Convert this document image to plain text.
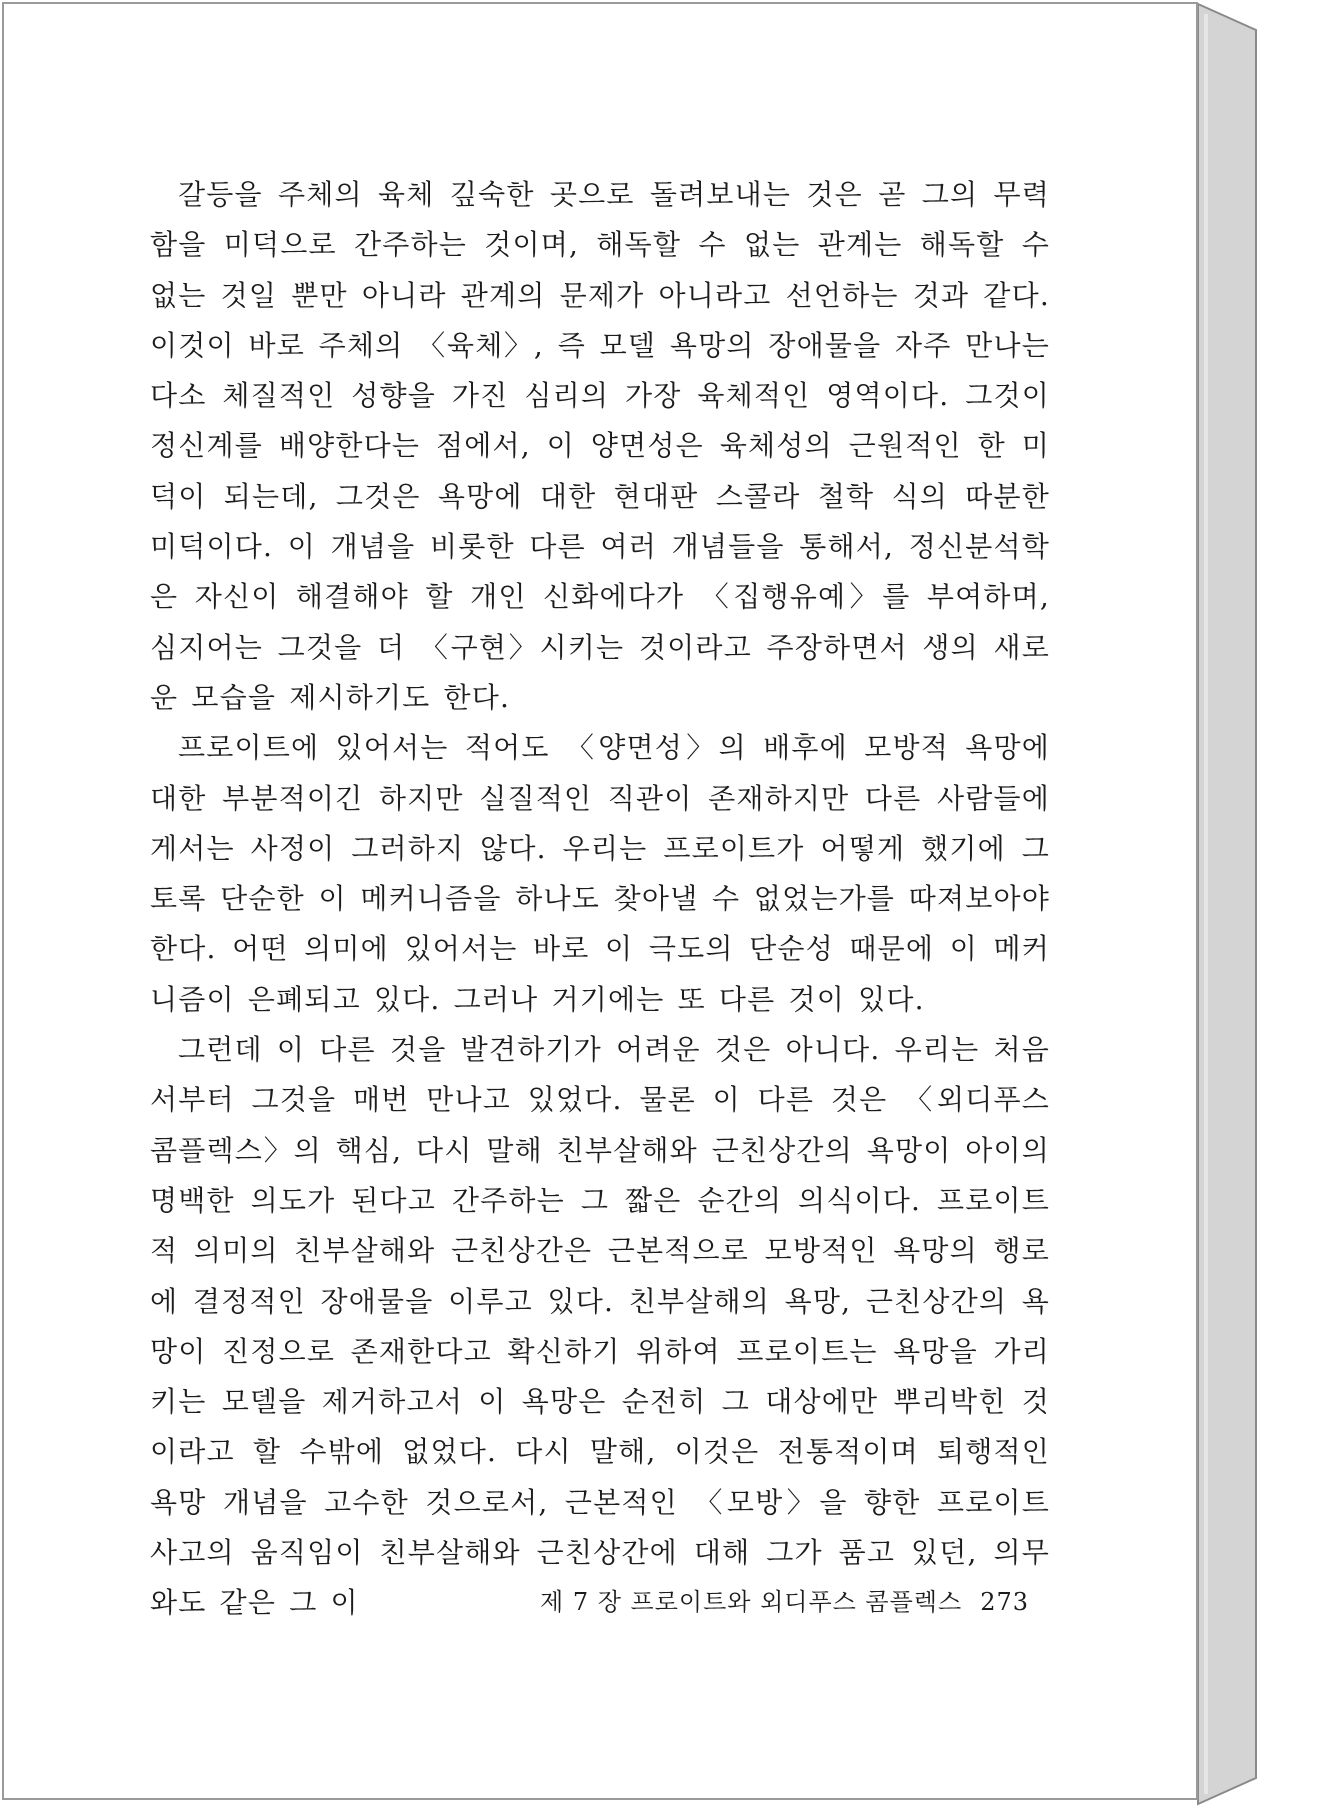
갈등을 주체의 육체 깊숙한 곳으로 돌려보내는 것은 곧 그의 무력함을 미덕으로 간주하는 것이며, 해독할 수 없는 관계는 해독할 수 없는 것일 뿐만 아니라 관계의 문제가 아니라고 선언하는 것과 같다. 이것이 바로 주체의 〈육체〉, 즉 모델 욕망의 장애물을 자주 만나는 다소 체질적인 성향을 가진 심리의 가장 육체적인 영역이다. 그것이 정신계를 배양한다는 점에서, 이 양면성은 육체성의 근원적인 한 미덕이 되는데, 그것은 욕망에 대한 현대판 스콜라 철학 식의 따분한 미덕이다. 이 개념을 비롯한 다른 여러 개념들을 통해서, 정신분석학은 자신이 해결해야 할 개인 신화에다가 〈집행유예〉를 부여하며, 심지어는 그것을 더 〈구현〉시키는 것이라고 주장하면서 생의 새로운 모습을 제시하기도 한다.

프로이트에 있어서는 적어도 〈양면성〉의 배후에 모방적 욕망에 대한 부분적이긴 하지만 실질적인 직관이 존재하지만 다른 사람들에게서는 사정이 그러하지 않다. 우리는 프로이트가 어떻게 했기에 그토록 단순한 이 메커니즘을 하나도 찾아낼 수 없었는가를 따져보아야 한다. 어떤 의미에 있어서는 바로 이 극도의 단순성 때문에 이 메커니즘이 은폐되고 있다. 그러나 거기에는 또 다른 것이 있다.

그런데 이 다른 것을 발견하기가 어려운 것은 아니다. 우리는 처음서부터 그것을 매번 만나고 있었다. 물론 이 다른 것은 〈외디푸스 콤플렉스〉의 핵심, 다시 말해 친부살해와 근친상간의 욕망이 아이의 명백한 의도가 된다고 간주하는 그 짧은 순간의 의식이다. 프로이트적 의미의 친부살해와 근친상간은 근본적으로 모방적인 욕망의 행로에 결정적인 장애물을 이루고 있다. 친부살해의 욕망, 근친상간의 욕망이 진정으로 존재한다고 확신하기 위하여 프로이트는 욕망을 가리키는 모델을 제거하고서 이 욕망은 순전히 그 대상에만 뿌리박힌 것이라고 할 수밖에 없었다. 다시 말해, 이것은 전통적이며 퇴행적인 욕망 개념을 고수한 것으로서, 근본적인 〈모방〉을 향한 프로이트 사고의 움직임이 친부살해와 근친상간에 대해 그가 품고 있던, 의무와도 같은 그 이	제 7 장 프로이트와 외디푸스 콤플렉스 273
